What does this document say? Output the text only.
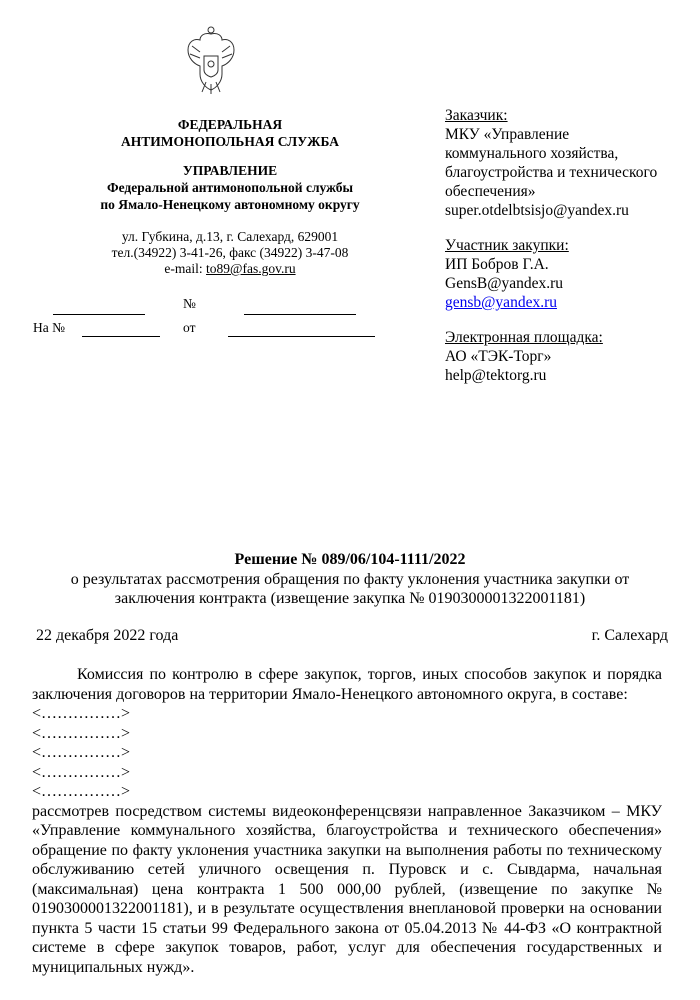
ФЕДЕРАЛЬНАЯ
АНТИМОНОПОЛЬНАЯ СЛУЖБА
УПРАВЛЕНИЕ
Федеральной антимонопольной службы
по Ямало-Ненецкому автономному округу
ул. Губкина, д.13, г. Салехард, 629001
тел.(34922) 3-41-26, факс (34922) 3-47-08
e-mail: to89@fas.gov.ru
№
На №	от
Заказчик:
МКУ «Управление
коммунального хозяйства,
благоустройства и технического
обеспечения»
super.otdelbtsisjo@yandex.ru
Участник закупки:
ИП Бобров Г.А.
GensB@yandex.ru
gensb@yandex.ru
Электронная площадка:
АО «ТЭК-Торг»
help@tektorg.ru
Решение № 089/06/104-1111/2022
о результатах рассмотрения обращения по факту уклонения участника закупки от
заключения контракта (извещение закупка № 0190300001322001181)
22 декабря 2022 года	г. Салехард

Комиссия по контролю в сфере закупок, торгов, иных способов закупок и порядка заключения договоров на территории Ямало-Ненецкого автономного округа, в составе:

<……………>

<……………>

<……………>

<……………>

<……………>

рассмотрев посредством системы видеоконференцсвязи направленное Заказчиком – МКУ «Управление коммунального хозяйства, благоустройства и технического обеспечения» обращение по факту уклонения участника закупки на выполнения работы по техническому обслуживанию сетей уличного освещения п. Пуровск и с. Сывдарма, начальная (максимальная) цена контракта 1 500 000,00 рублей, (извещение по закупке № 0190300001322001181), и в результате осуществления внеплановой проверки на основании пункта 5 части 15 статьи 99 Федерального закона от 05.04.2013 № 44-ФЗ «О контрактной системе в сфере закупок товаров, работ, услуг для обеспечения государственных и муниципальных нужд».
